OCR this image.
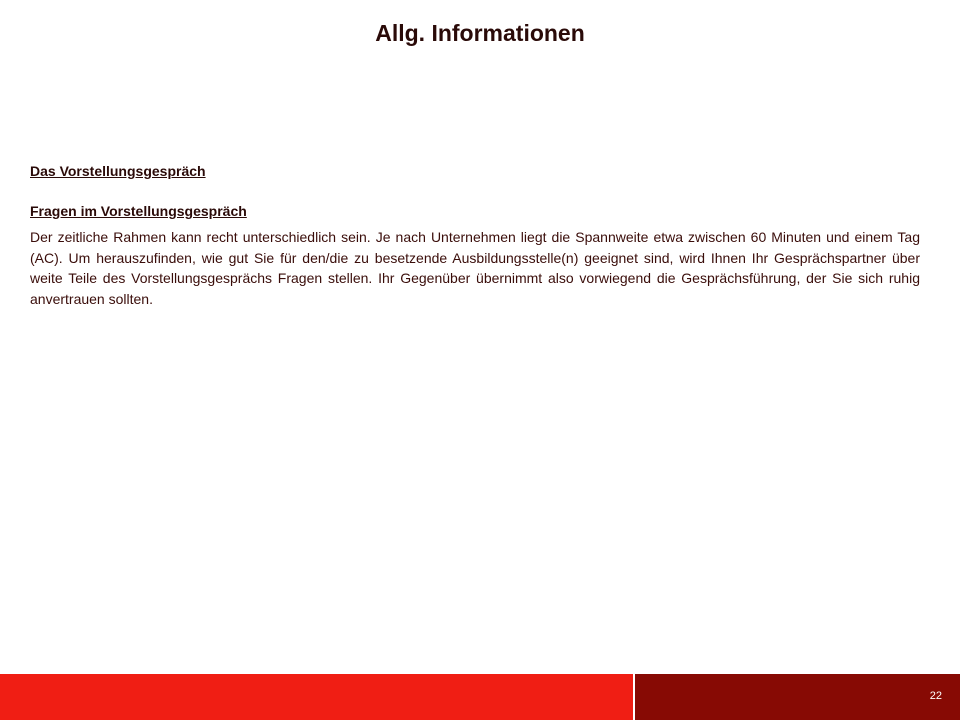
Allg. Informationen

Das Vorstellungsgespräch

Fragen im Vorstellungsgespräch

Der zeitliche Rahmen kann recht unterschiedlich sein. Je nach Unternehmen liegt die Spannweite etwa zwischen 60 Minuten und einem Tag (AC). Um herauszufinden, wie gut Sie für den/die zu besetzende Ausbildungsstelle(n) geeignet sind, wird Ihnen Ihr Gesprächspartner über weite Teile des Vorstellungsgesprächs Fragen stellen. Ihr Gegenüber übernimmt also vorwiegend die Gesprächsführung, der Sie sich ruhig anvertrauen sollten.

22
